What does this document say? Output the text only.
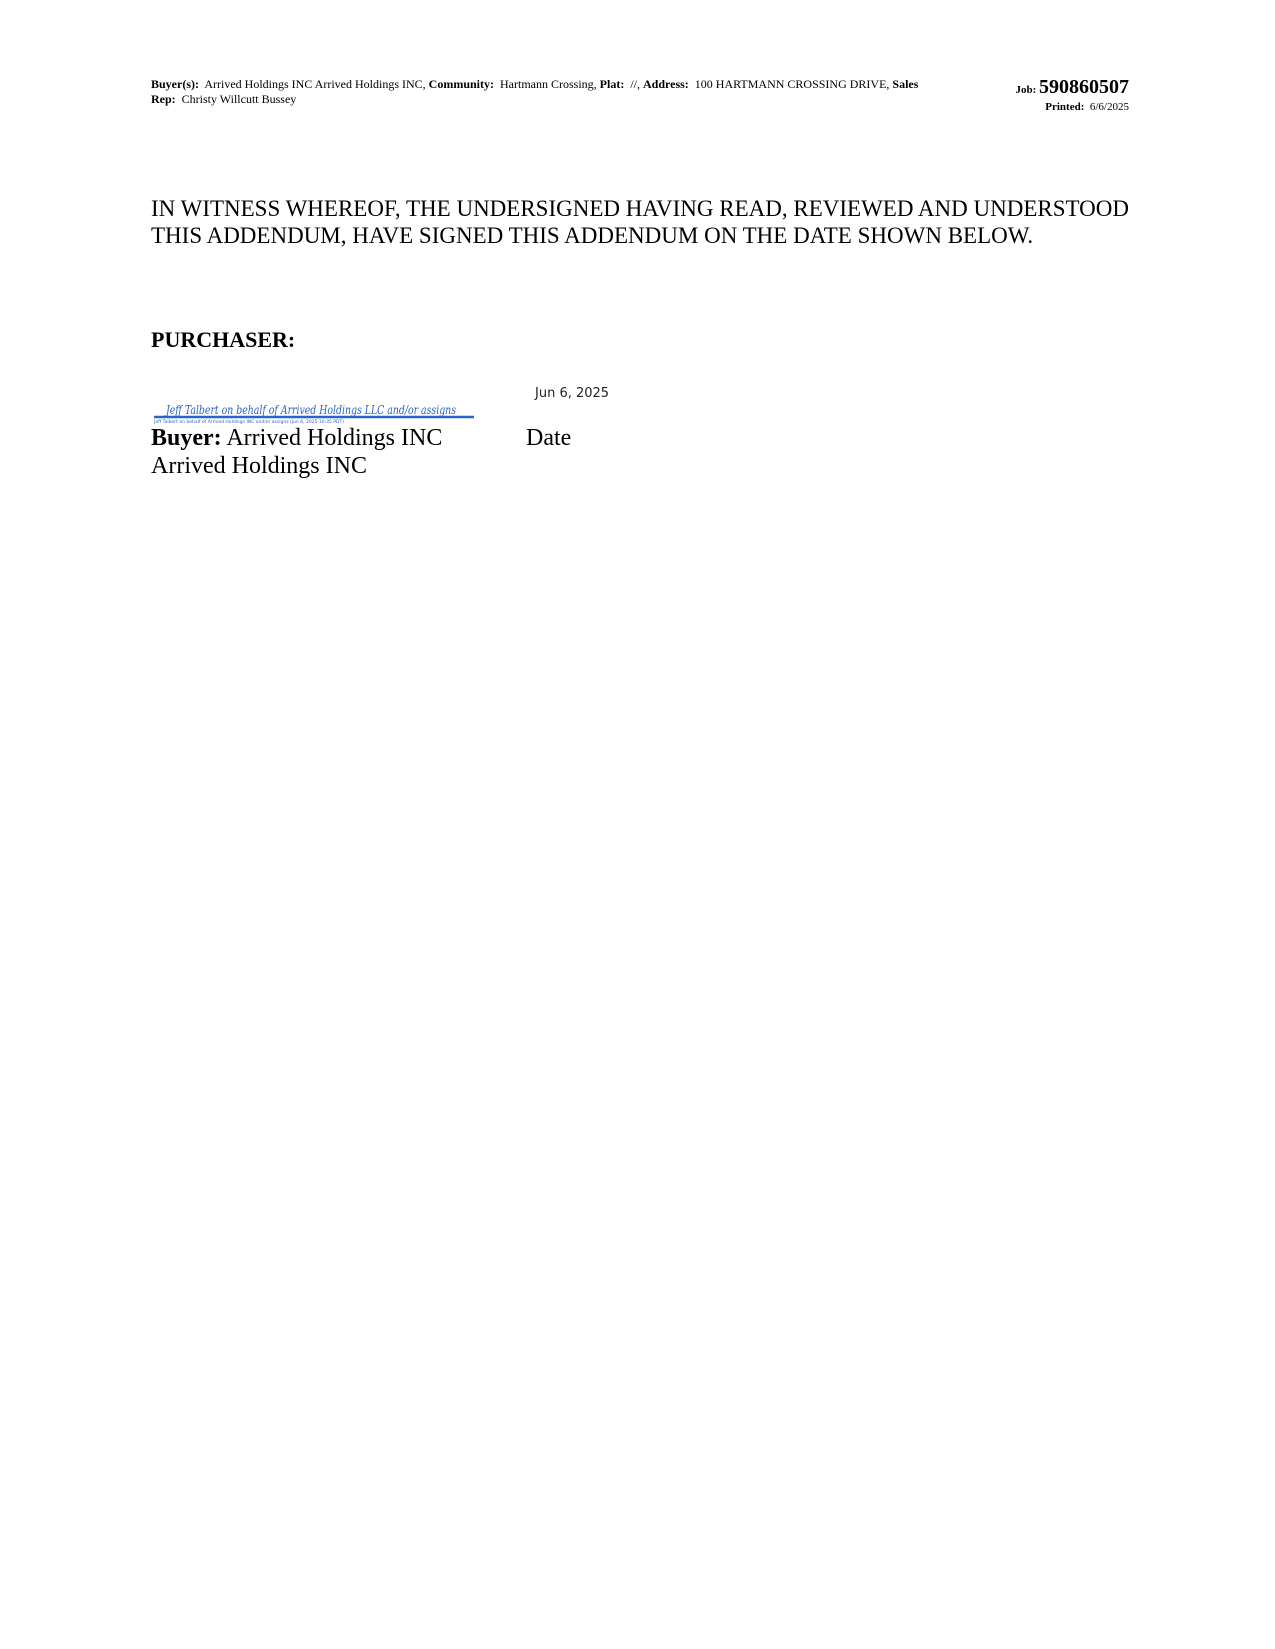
Buyer(s): Arrived Holdings INC Arrived Holdings INC, Community: Hartmann Crossing, Plat: //, Address: 100 HARTMANN CROSSING DRIVE, Sales
Rep: Christy Willcutt Bussey
Job: 590860507
Printed: 6/6/2025
IN WITNESS WHEREOF, THE UNDERSIGNED HAVING READ, REVIEWED AND UNDERSTOOD THIS ADDENDUM, HAVE SIGNED THIS ADDENDUM ON THE DATE SHOWN BELOW.
PURCHASER:
Jun 6, 2025
Jeff Talbert on behalf of Arrived Holdings LLC and/or assigns
Jeff Talbert on behalf of Arrived Holdings INC and/or assigns (Jun 6, 2025 10:35 PDT)
Buyer: Arrived Holdings INC
Arrived Holdings INC
Date
